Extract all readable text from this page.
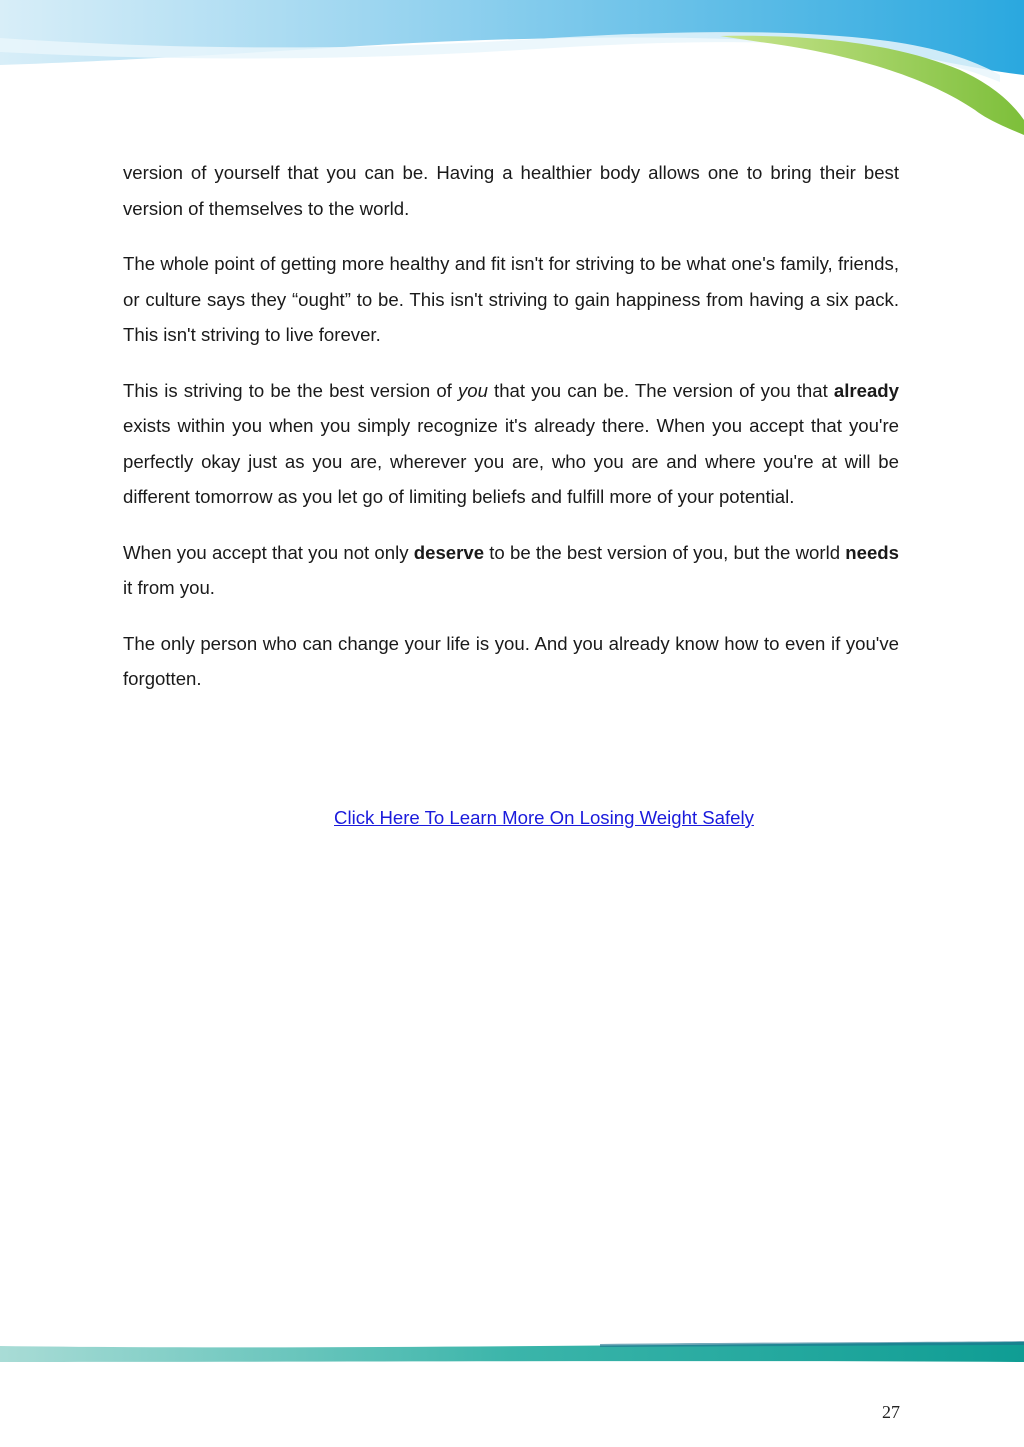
version of yourself that you can be. Having a healthier body allows one to bring their best version of themselves to the world.

The whole point of getting more healthy and fit isn't for striving to be what one's family, friends, or culture says they “ought” to be. This isn't striving to gain happiness from having a six pack. This isn't striving to live forever.

This is striving to be the best version of you that you can be. The version of you that already exists within you when you simply recognize it's already there. When you accept that you're perfectly okay just as you are, wherever you are, who you are and where you're at will be different tomorrow as you let go of limiting beliefs and fulfill more of your potential.

When you accept that you not only deserve to be the best version of you, but the world needs it from you.

The only person who can change your life is you. And you already know how to even if you've forgotten.

Click Here To Learn More On Losing Weight Safely
27
